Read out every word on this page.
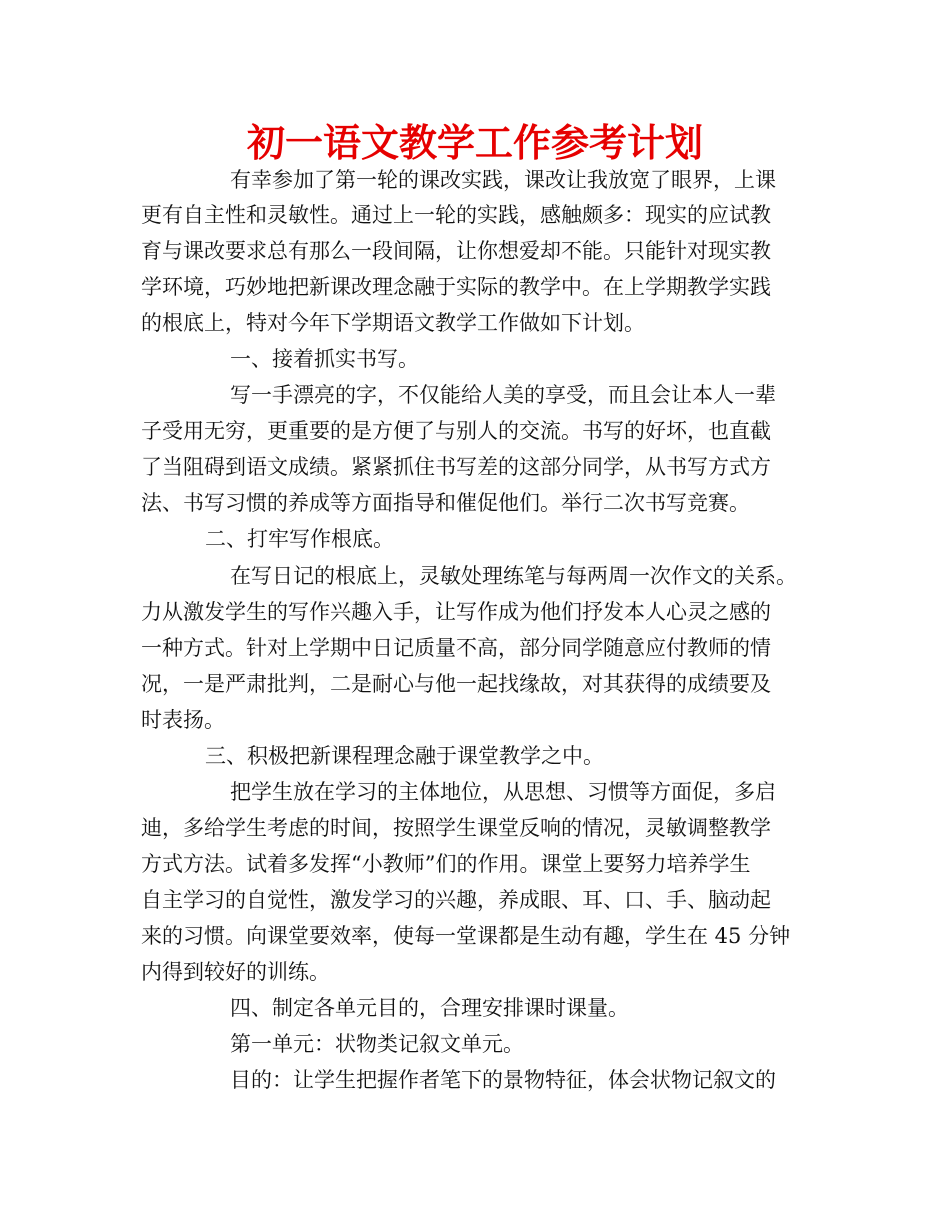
初一语文教学工作参考计划
有幸参加了第一轮的课改实践，课改让我放宽了眼界，上课
更有自主性和灵敏性。通过上一轮的实践，感触颇多：现实的应试教
育与课改要求总有那么一段间隔，让你想爱却不能。只能针对现实教
学环境，巧妙地把新课改理念融于实际的教学中。在上学期教学实践
的根底上，特对今年下学期语文教学工作做如下计划。
一、接着抓实书写。
写一手漂亮的字，不仅能给人美的享受，而且会让本人一辈
子受用无穷，更重要的是方便了与别人的交流。书写的好坏，也直截
了当阻碍到语文成绩。紧紧抓住书写差的这部分同学，从书写方式方
法、书写习惯的养成等方面指导和催促他们。举行二次书写竞赛。
二、打牢写作根底。
在写日记的根底上，灵敏处理练笔与每两周一次作文的关系。
力从激发学生的写作兴趣入手，让写作成为他们抒发本人心灵之感的
一种方式。针对上学期中日记质量不高，部分同学随意应付教师的情
况，一是严肃批判，二是耐心与他一起找缘故，对其获得的成绩要及
时表扬。
三、积极把新课程理念融于课堂教学之中。
把学生放在学习的主体地位，从思想、习惯等方面促，多启
迪，多给学生考虑的时间，按照学生课堂反响的情况，灵敏调整教学
方式方法。试着多发挥“小教师”们的作用。课堂上要努力培养学生
自主学习的自觉性，激发学习的兴趣，养成眼、耳、口、手、脑动起
来的习惯。向课堂要效率，使每一堂课都是生动有趣，学生在 45 分钟
内得到较好的训练。
四、制定各单元目的，合理安排课时课量。
第一单元：状物类记叙文单元。
目的：让学生把握作者笔下的景物特征，体会状物记叙文的
